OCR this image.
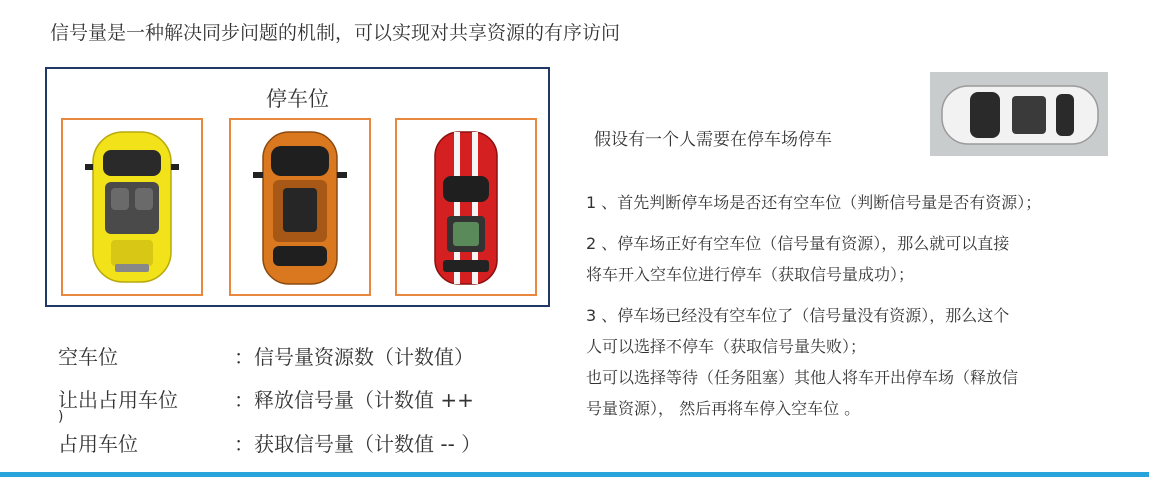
信号量是一种解决同步问题的机制，可以实现对共享资源的有序访问
停车位
空车位	：信号量资源数（计数值）
让出占用车位	：释放信号量（计数值 ++
)
占用车位	：获取信号量（计数值 -- ）
假设有一个人需要在停车场停车
1 、首先判断停车场是否还有空车位（判断信号量是否有资源）；
2 、停车场正好有空车位（信号量有资源），那么就可以直接
将车开入空车位进行停车（获取信号量成功）；
3 、停车场已经没有空车位了（信号量没有资源），那么这个
人可以选择不停车（获取信号量失败）；
也可以选择等待（任务阻塞）其他人将车开出停车场（释放信
号量资源）， 然后再将车停入空车位 。
